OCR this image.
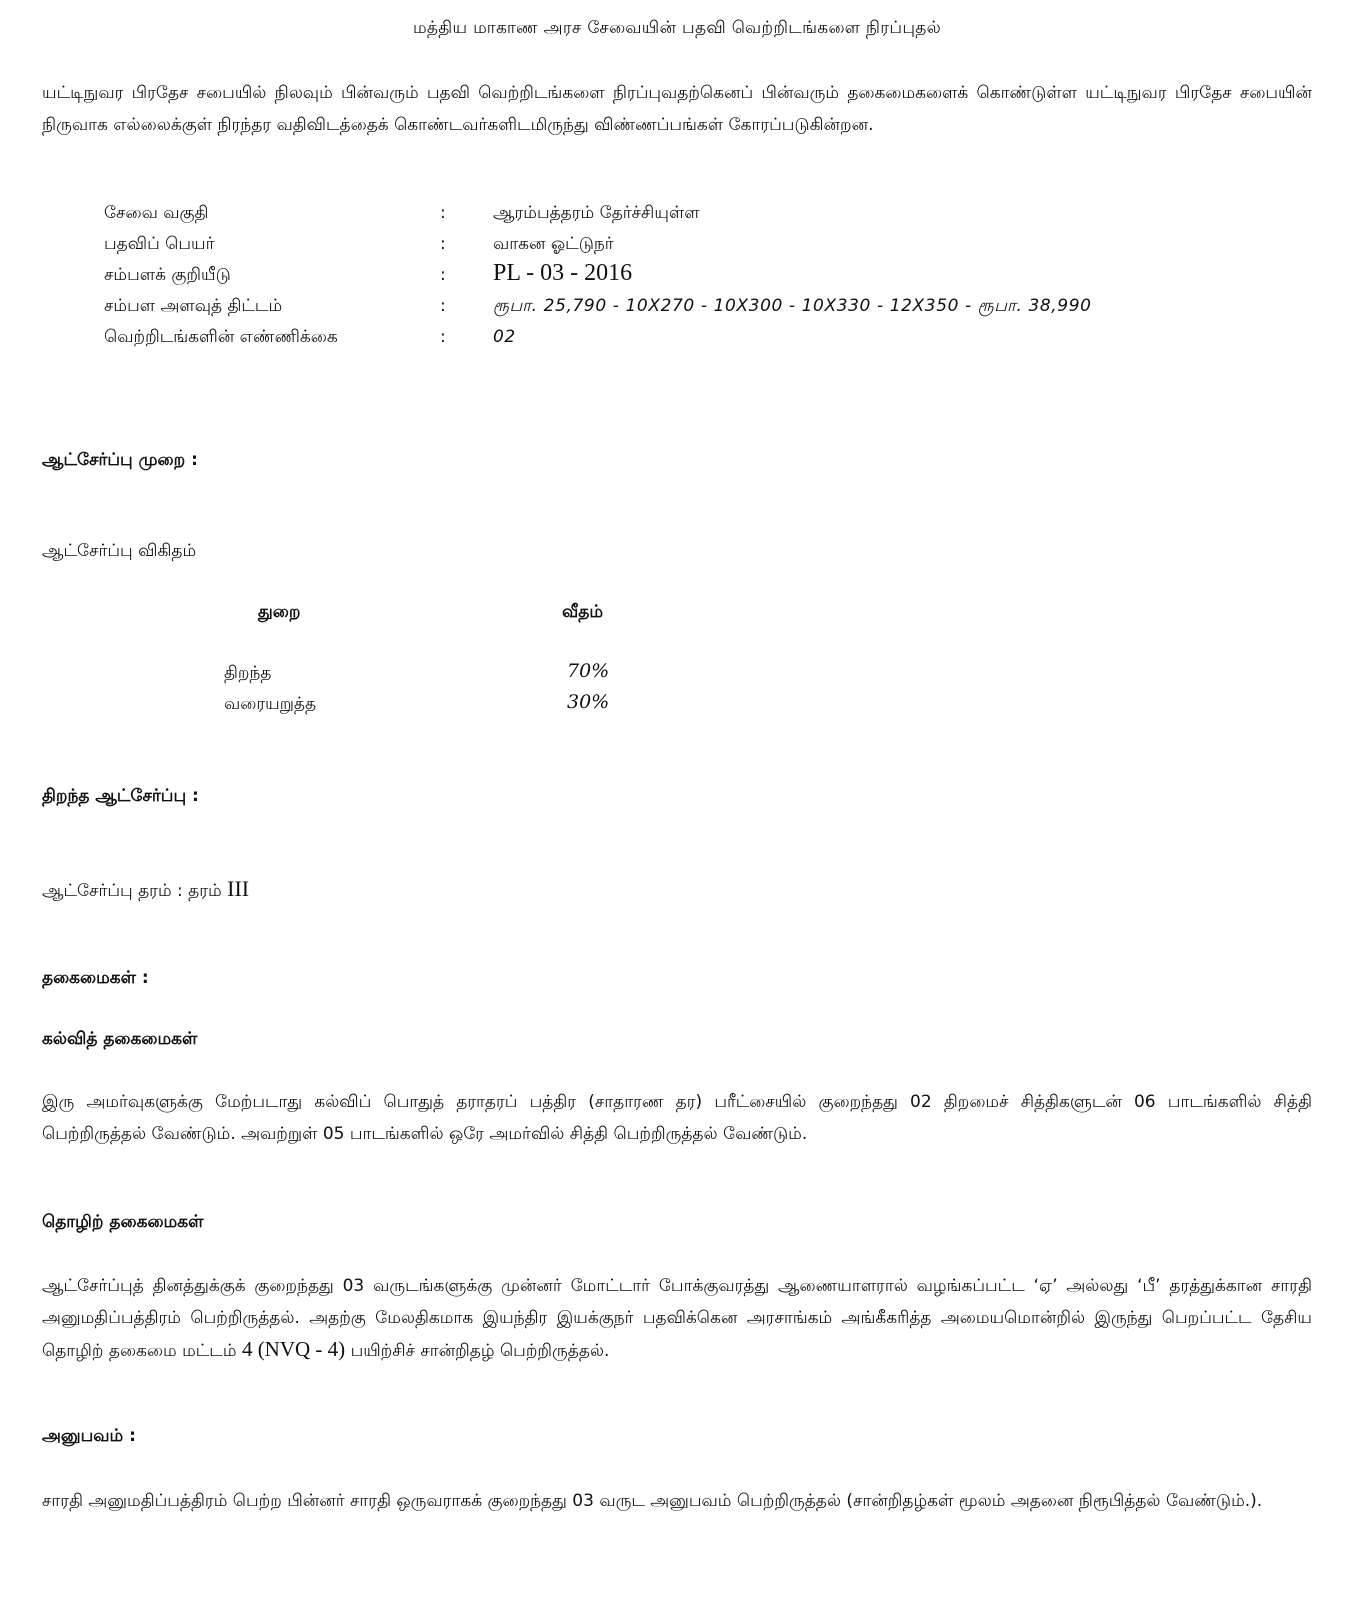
மத்திய மாகாண அரச சேவையின் பதவி வெற்றிடங்களை நிரப்புதல்
யட்டிநுவர பிரதேச சபையில் நிலவும் பின்வரும் பதவி வெற்றிடங்களை நிரப்புவதற்கெனப் பின்வரும் தகைமைகளைக் கொண்டுள்ள யட்டிநுவர பிரதேச சபையின் நிருவாக எல்லைக்குள் நிரந்தர வதிவிடத்தைக் கொண்டவர்களிடமிருந்து விண்ணப்பங்கள் கோரப்படுகின்றன.
சேவை வகுதி	:	ஆரம்பத்தரம் தேர்ச்சியுள்ள
பதவிப் பெயர்	:	வாகன ஓட்டுநர்
சம்பளக் குறியீடு	: PL - 03 - 2016
சம்பள அளவுத் திட்டம்	:	ரூபா. 25,790 - 10X270 - 10X300 - 10X330 - 12X350 - ரூபா. 38,990
வெற்றிடங்களின் எண்ணிக்கை	:	02
ஆட்சேர்ப்பு முறை :
ஆட்சேர்ப்பு விகிதம்
துறை	வீதம்
திறந்த	70%
வரையறுத்த	30%
திறந்த ஆட்சேர்ப்பு :
ஆட்சேர்ப்பு தரம் : தரம் III
தகைமைகள் :
கல்வித் தகைமைகள்
இரு அமர்வுகளுக்கு மேற்படாது கல்விப் பொதுத் தராதரப் பத்திர (சாதாரண தர) பரீட்சையில் குறைந்தது 02 திறமைச் சித்திகளுடன் 06 பாடங்களில் சித்தி பெற்றிருத்தல் வேண்டும். அவற்றுள் 05 பாடங்களில் ஒரே அமர்வில் சித்தி பெற்றிருத்தல் வேண்டும்.
தொழிற் தகைமைகள்
ஆட்சேர்ப்புத் தினத்துக்குக் குறைந்தது 03 வருடங்களுக்கு முன்னர் மோட்டார் போக்குவரத்து ஆணையாளரால் வழங்கப்பட்ட ‘ஏ’ அல்லது ‘பீ’ தரத்துக்கான சாரதி அனுமதிப்பத்திரம் பெற்றிருத்தல். அதற்கு மேலதிகமாக இயந்திர இயக்குநர் பதவிக்கென அரசாங்கம் அங்கீகரித்த அமையமொன்றில் இருந்து பெறப்பட்ட தேசிய தொழிற் தகைமை மட்டம் 4 (NVQ - 4) பயிற்சிச் சான்றிதழ் பெற்றிருத்தல்.
அனுபவம் :
சாரதி அனுமதிப்பத்திரம் பெற்ற பின்னர் சாரதி ஒருவராகக் குறைந்தது 03 வருட அனுபவம் பெற்றிருத்தல் (சான்றிதழ்கள் மூலம் அதனை நிரூபித்தல் வேண்டும்.).
